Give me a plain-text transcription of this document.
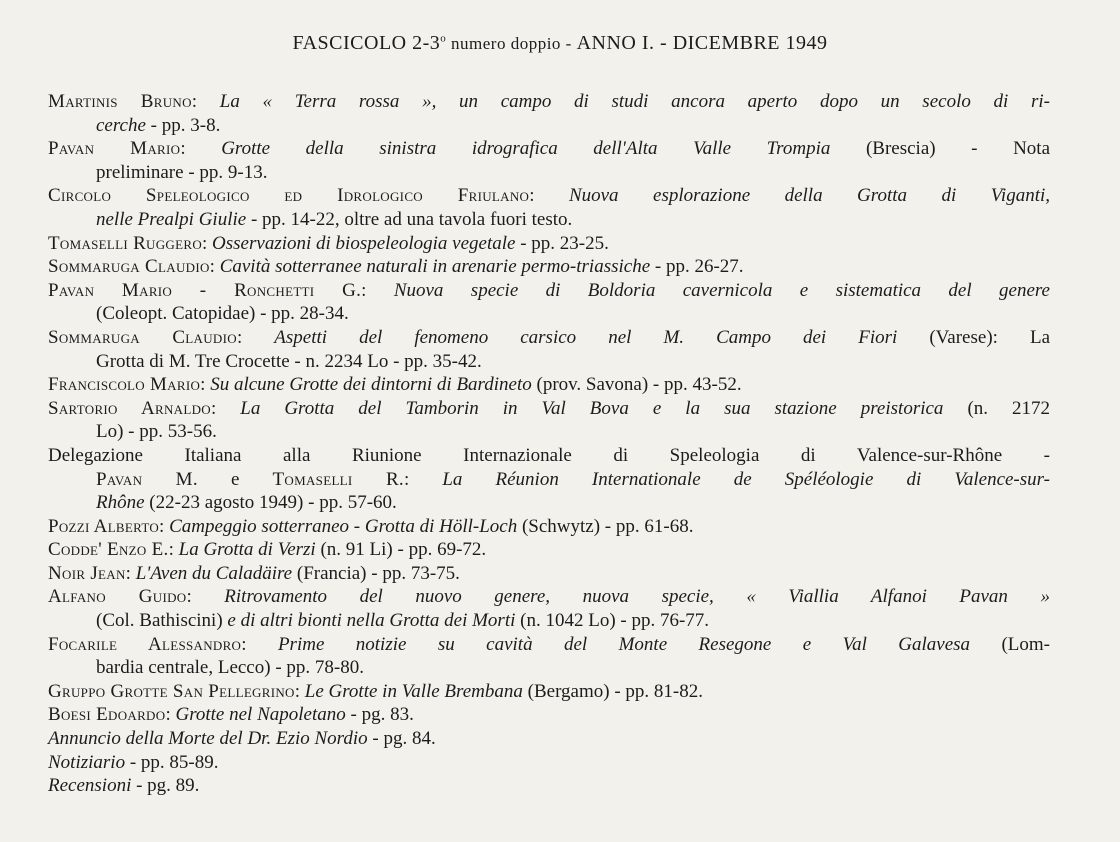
FASCICOLO 2-3$^o$ numero doppio - ANNO I. - DICEMBRE 1949
Martinis Bruno: La « Terra rossa », un campo di studi ancora aperto dopo un secolo di ri-
cerche - pp. 3-8.
Pavan Mario: Grotte della sinistra idrografica dell'Alta Valle Trompia (Brescia) - Nota
preliminare - pp. 9-13.
Circolo Speleologico ed Idrologico Friulano: Nuova esplorazione della Grotta di Viganti,
nelle Prealpi Giulie - pp. 14-22, oltre ad una tavola fuori testo.
Tomaselli Ruggero: Osservazioni di biospeleologia vegetale - pp. 23-25.
Sommaruga Claudio: Cavità sotterranee naturali in arenarie permo-triassiche - pp. 26-27.
Pavan Mario - Ronchetti G.: Nuova specie di Boldoria cavernicola e sistematica del genere
(Coleopt. Catopidae) - pp. 28-34.
Sommaruga Claudio: Aspetti del fenomeno carsico nel M. Campo dei Fiori (Varese): La
Grotta di M. Tre Crocette - n. 2234 Lo - pp. 35-42.
Franciscolo Mario: Su alcune Grotte dei dintorni di Bardineto (prov. Savona) - pp. 43-52.
Sartorio Arnaldo: La Grotta del Tamborin in Val Bova e la sua stazione preistorica (n. 2172
Lo) - pp. 53-56.
Delegazione Italiana alla Riunione Internazionale di Speleologia di Valence-sur-Rhône -
Pavan M. e Tomaselli R.: La Réunion Internationale de Spéléologie di Valence-sur-
Rhône (22-23 agosto 1949) - pp. 57-60.
Pozzi Alberto: Campeggio sotterraneo - Grotta di Höll-Loch (Schwytz) - pp. 61-68.
Codde' Enzo E.: La Grotta di Verzi (n. 91 Li) - pp. 69-72.
Noir Jean: L'Aven du Caladäire (Francia) - pp. 73-75.
Alfano Guido: Ritrovamento del nuovo genere, nuova specie, « Viallia Alfanoi Pavan »
(Col. Bathiscini) e di altri bionti nella Grotta dei Morti (n. 1042 Lo) - pp. 76-77.
Focarile Alessandro: Prime notizie su cavità del Monte Resegone e Val Galavesa (Lom-
bardia centrale, Lecco) - pp. 78-80.
Gruppo Grotte San Pellegrino: Le Grotte in Valle Brembana (Bergamo) - pp. 81-82.
Boesi Edoardo: Grotte nel Napoletano - pg. 83.
Annuncio della Morte del Dr. Ezio Nordio - pg. 84.
Notiziario - pp. 85-89.
Recensioni - pg. 89.
